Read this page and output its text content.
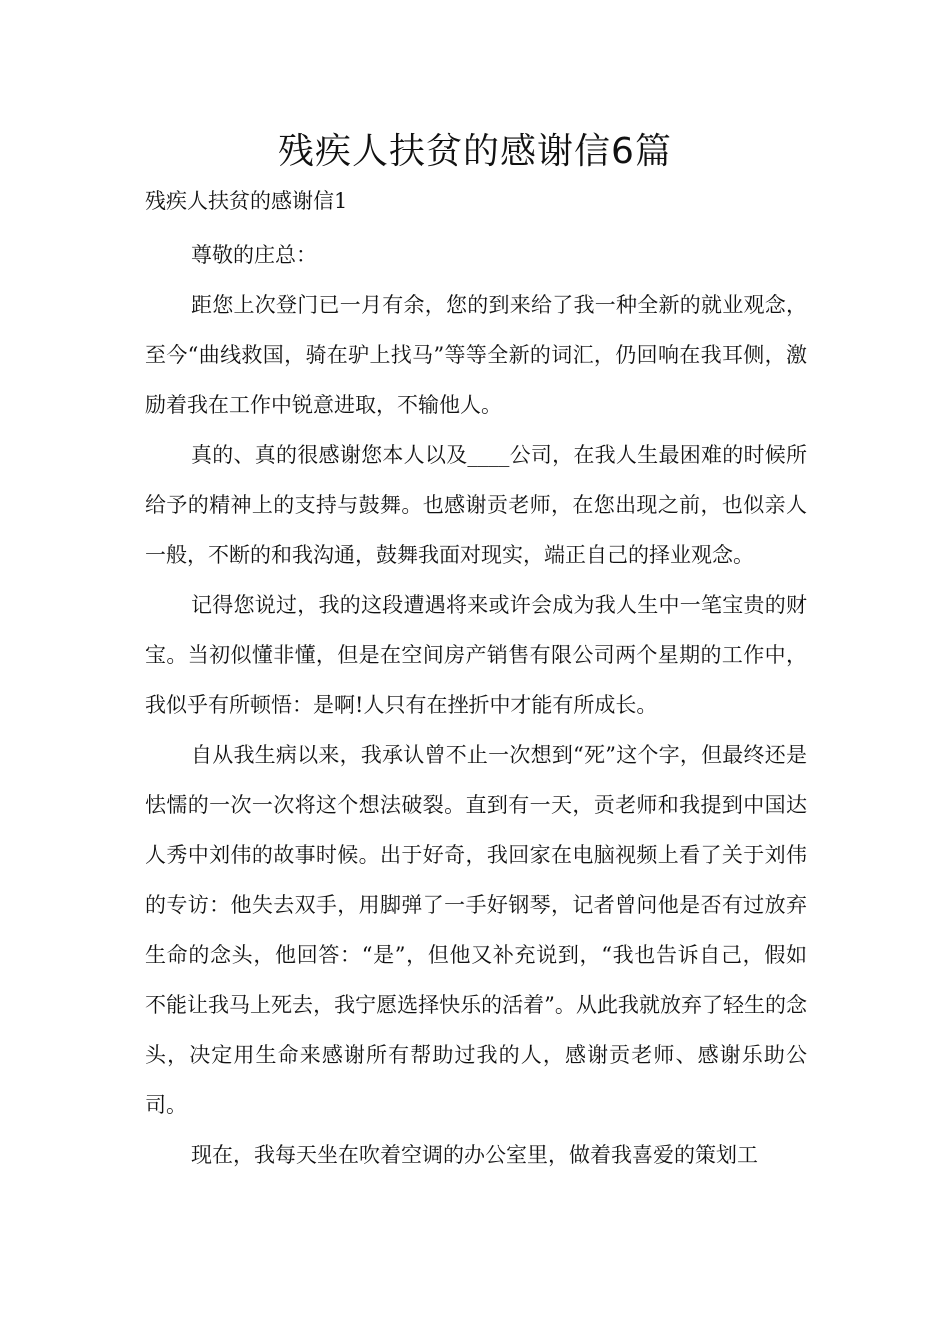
残疾人扶贫的感谢信6篇

残疾人扶贫的感谢信1

尊敬的庄总：

距您上次登门已一月有余，您的到来给了我一种全新的就业观念，至今“曲线救国，骑在驴上找马”等等全新的词汇，仍回响在我耳侧，激励着我在工作中锐意进取，不输他人。

真的、真的很感谢您本人以及____公司，在我人生最困难的时候所给予的精神上的支持与鼓舞。也感谢贡老师，在您出现之前，也似亲人一般，不断的和我沟通，鼓舞我面对现实，端正自己的择业观念。

记得您说过，我的这段遭遇将来或许会成为我人生中一笔宝贵的财宝。当初似懂非懂，但是在空间房产销售有限公司两个星期的工作中，我似乎有所顿悟：是啊!人只有在挫折中才能有所成长。

自从我生病以来，我承认曾不止一次想到“死”这个字，但最终还是怯懦的一次一次将这个想法破裂。直到有一天，贡老师和我提到中国达人秀中刘伟的故事时候。出于好奇，我回家在电脑视频上看了关于刘伟的专访：他失去双手，用脚弹了一手好钢琴，记者曾问他是否有过放弃生命的念头，他回答：“是”，但他又补充说到，“我也告诉自己，假如不能让我马上死去，我宁愿选择快乐的活着”。从此我就放弃了轻生的念头，决定用生命来感谢所有帮助过我的人，感谢贡老师、感谢乐助公司。

现在，我每天坐在吹着空调的办公室里，做着我喜爱的策划工
